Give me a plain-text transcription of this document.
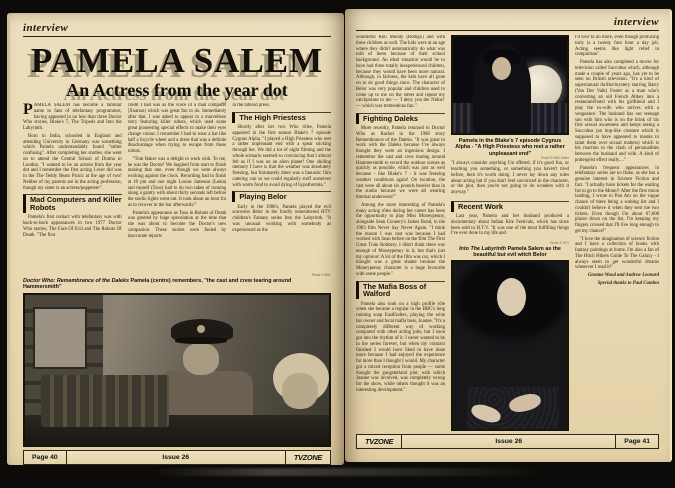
interview
PAMELA SALEM
An Actress from the year dot

PAMELA SALEM has become a familiar name to fans of telefantasy programmes, having appeared in no less than three Doctor Who stories, Blake's 7, The Tripods and Into the Labyrinth.

Born in India, schooled in England and attending University in Germany was something which Pamela understandably found "rather confusing". After completing her studies, she went on to attend the Central School of Drama in London. "I wanted to be an actress from the year dot and I remember the first acting I ever did was in the The Teddy Bears Picnic at the age of two! Neither of my parents are in the acting profession, though my sister is an actress/puppeteer".

Mad Computers and Killer Robots

Pamela's first contact with telefantasy was with back-to-back appearances in two 1977 Doctor Who stories; The Face Of Evil and The Robots Of Death. "The first

credit I had was as the voice of a mad computer (Xoanon) which was great fun to do. Immediately after that, I was asked to appear in a marvellous story featuring killer robots, which used some great pioneering special effects to make their eyes change colour. I remember I had to wear a hat like half a bicycle wheel and a dress that was a definite disadvantage when trying to escape from those robots.

"Tom Baker was a delight to work with. To me, he was the Doctor! We laughed from start to finish making that one, even though we were always working against the clock. Recording had to finish at 10 pm and one night Louise Jameson (Leela) and myself (Toos) had to do two takes of running along a gantry with about thirty seconds left before the studio lights went out. It took about an hour for us to recover in the bar afterwards!"

Pamela's appearance as Toos in Robots of Death was greeted by huge speculation at the time that she was about to become the Doctor's new companion. These stories were fueled by inaccurate reports

in the tabloid press.

The High Priestess

Shortly after her two Who rôles, Pamela appeared in the first season Blake's 7 episode Cygnus Alpha. "I played a High Priestess who met a rather unpleasant end with a spear sticking through her. We did a lot of night filming and the whole scenario seemed so convincing that I almost felt as if I was on an alien planet! One abiding memory I have is that the weather was absolutely freezing, but fortunately there was a fantastic film catering van so we could regularly stuff ourselves with warm food to avoid dying of hypothermia."

Playing Belor

Early in the 1980's, Pamela played the evil sorceress Belor in the fondly remembered HTV children's Fantasy series Into the Labyrinth. "It was unusual working with somebody as experienced as the

Photo © BBC
Doctor Who: Remembrance of the Daleks Pamela (centre) remembers, "the cast and crew tearing around Hammersmith"
Page 40	Issue 26	TVZONE
interview

wonderful Ron Moody (Rothgo) and with three children as well. The kids were at an age where they didn't automatically do what was told of them because of their school background. An ideal situation would be to have had three totally inexperienced children, because they would have been more natural. Although, in fairness, the kids have all gone on to do good things since. The character of Belor was very popular and children used to come up to me on the street and repeat my catchphrase to me — 'I deny you the Nidus!' — which was tremendous fun."

Fighting Daleks

More recently, Pamela returned to Doctor Who as Rachel in the 1988 story Remembrance of the Daleks. "It was great to work with the Daleks because I've always thought they were an ingenious design. I remember the cast and crew tearing around Hammersmith to record the outdoor scenes as quickly as possible, which was just as well because - like Blake's 7 - it was freezing weather conditions again! On location, the cast were all about six pounds heavier than in the studio because we were all wearing thermal underwear!"

Among the more interesting of Pamela's many acting rôles during her career has been the opportunity to play Miss Moneypenny, alongside Sean Connery's James Bond, in the 1983 film Never Say Never Again. "I think the reason I was cast was because I had worked with Sean before on the film The First Great Train Robbery. I didn't think there was enough of Moneypenny in it, but that's just my opinion! A lot of the film was cut, which I thought was a great shame because the Moneypenny character is a huge favourite with some people."

The Mafia Boss of Walford

Pamela also took on a high profile rôle when she became a regular in the BBC's long running soap EastEnders, playing the wine bar owner and local mafia boss, Joanne. "It's a completely different way of working compared with other acting jobs, but I soon got into the rhythm of it. I never wanted to be in the series forever, but when my contract finished I would have liked to have done more because I had enjoyed the experience far more than I thought I would. My character got a mixed reception from people — some thought the gangsterland plot, with which Joanne was involved, was completely wrong for the show, while others thought it was an interesting development."

Pamela in the Blake's 7 episode Cygnus Alpha - "A High Priestess who met a rather unpleasant end"
Photo © BBC Video

"I always consider anything I'm offered, if it's good fun, or teaching you something, or something you haven't tried before, then it's worth doing. I never lay down any rules about acting but if you don't feel convinced in the character, or the plot, then you're not going to do wonders with it anyway."

Recent Work

Last year, Pamela and her husband produced a documentary about Indian Kite Festivals, which has since been sold to H.T.V. "It was one of the most fulfilling things I've ever done in my life and

Photo © HTV
Into The Labyrinth Pamela Salem as the beautiful but evil witch Belor

I'd love to do more, even though producing truly is a twenty four hour a day job. Acting seems like light relief in comparison".

Pamela has also completed a movie for television called Succubus which, although made a couple of years ago, has yet to be seen on British television. "It's a kind of supernatural thriller/mystery starring Barry (Van Der Valk) Foster as a man who's converting an old French Abbey into a restaurant/hotel with his girlfriend and I play the ex-wife who arrives with a vengeance. The husband has our teenage son with him who is on the brink of his first sexual awareness and keeps seeing a Succubus (an imp-like creature which is supposed to have appeared to monks to taunt them over sexual matters) which is his reaction to the clash of personalities between the husband and wife. A kind of poltergeist effect really...."

Pamela's frequent appearances in telefantasy series are no fluke, as she has a genuine interest in Science Fiction and fact. "I actually have tickets for the waiting list to go to the Moon!! After the first moon landing, I wrote to Pan Am on the vague chance of there being a waiting list and I couldn't believe it when they sent me two tickets. Even though I'm about 67,000 places down on the list, I'm keeping my fingers crossed that I'll live long enough to get my chance!"

"I love the imagination of science fiction and I have a collection of books with fantasy paintings at home. I'm also a fan of The Hitch Hikers Guide To The Galaxy - I always seem to get wonderful dreams whenever I read it!"

Graeme Wood and Andrew Leonard

Special thanks to Paul Condon

TVZONE	Issue 26	Page 41
